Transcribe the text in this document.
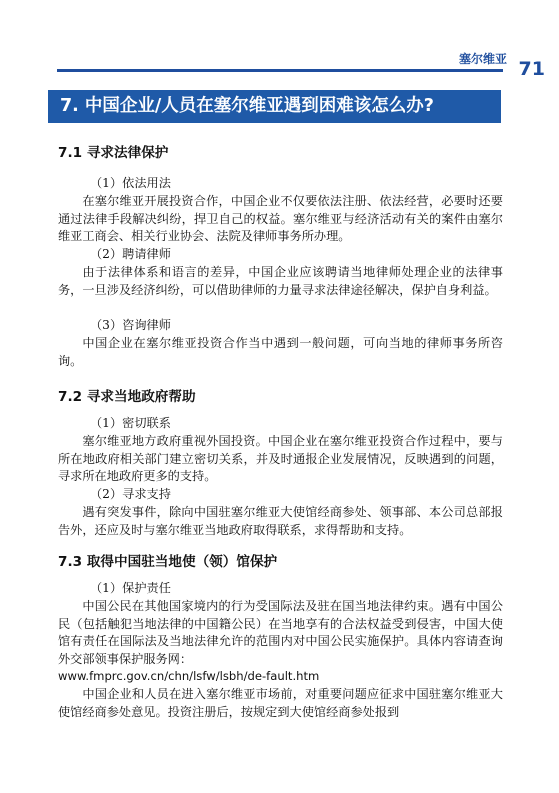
塞尔维亚 71
7. 中国企业/人员在塞尔维亚遇到困难该怎么办?
7.1 寻求法律保护
（1）依法用法

在塞尔维亚开展投资合作，中国企业不仅要依法注册、依法经营，必要时还要通过法律手段解决纠纷，捍卫自己的权益。塞尔维亚与经济活动有关的案件由塞尔维亚工商会、相关行业协会、法院及律师事务所办理。

（2）聘请律师

由于法律体系和语言的差异，中国企业应该聘请当地律师处理企业的法律事务，一旦涉及经济纠纷，可以借助律师的力量寻求法律途径解决，保护自身利益。

（3）咨询律师

中国企业在塞尔维亚投资合作当中遇到一般问题，可向当地的律师事务所咨询。

7.2 寻求当地政府帮助
（1）密切联系

塞尔维亚地方政府重视外国投资。中国企业在塞尔维亚投资合作过程中，要与所在地政府相关部门建立密切关系，并及时通报企业发展情况，反映遇到的问题，寻求所在地政府更多的支持。

（2）寻求支持

遇有突发事件，除向中国驻塞尔维亚大使馆经商参处、领事部、本公司总部报告外，还应及时与塞尔维亚当地政府取得联系，求得帮助和支持。

7.3 取得中国驻当地使（领）馆保护
（1）保护责任

中国公民在其他国家境内的行为受国际法及驻在国当地法律约束。遇有中国公民（包括触犯当地法律的中国籍公民）在当地享有的合法权益受到侵害，中国大使馆有责任在国际法及当地法律允许的范围内对中国公民实施保护。具体内容请查询外交部领事保护服务网：

www.fmprc.gov.cn/chn/lsfw/lsbh/de-fault.htm

中国企业和人员在进入塞尔维亚市场前，对重要问题应征求中国驻塞尔维亚大使馆经商参处意见。投资注册后，按规定到大使馆经商参处报到
